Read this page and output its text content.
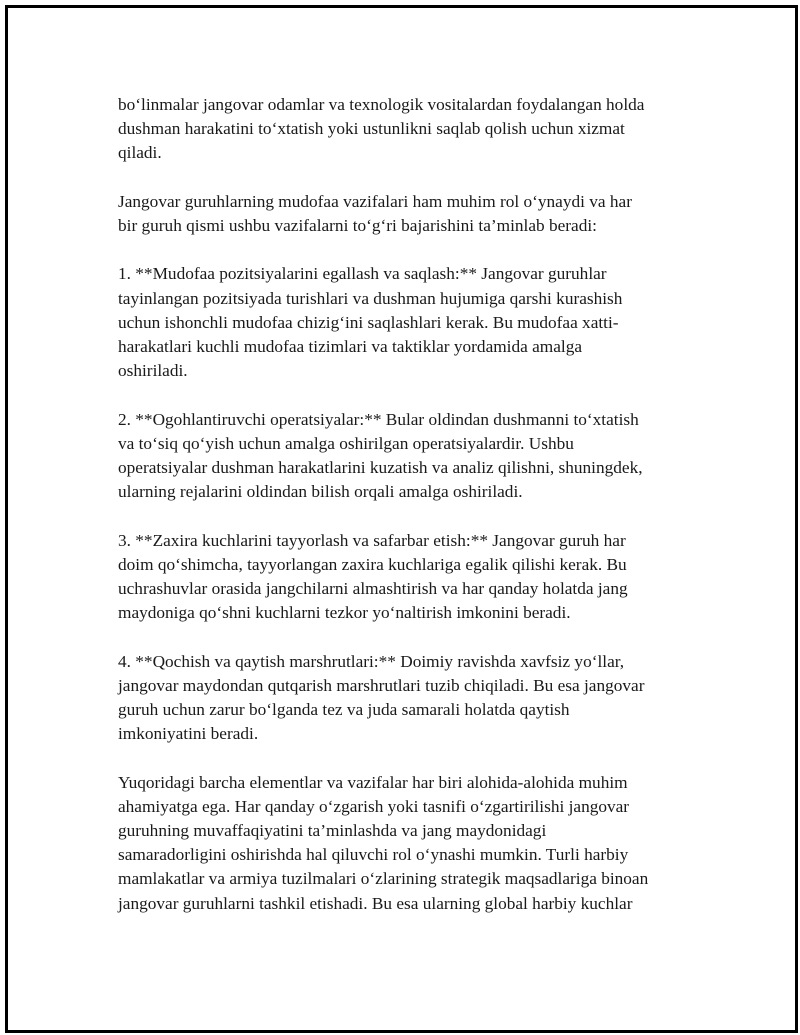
bo‘linmalar jangovar odamlar va texnologik vositalardan foydalangan holda
dushman harakatini to‘xtatish yoki ustunlikni saqlab qolish uchun xizmat
qiladi.

Jangovar guruhlarning mudofaa vazifalari ham muhim rol o‘ynaydi va har
bir guruh qismi ushbu vazifalarni to‘g‘ri bajarishini ta’minlab beradi:

1. **Mudofaa pozitsiyalarini egallash va saqlash:** Jangovar guruhlar
tayinlangan pozitsiyada turishlari va dushman hujumiga qarshi kurashish
uchun ishonchli mudofaa chizig‘ini saqlashlari kerak. Bu mudofaa xatti-
harakatlari kuchli mudofaa tizimlari va taktiklar yordamida amalga
oshiriladi.

2. **Ogohlantiruvchi operatsiyalar:** Bular oldindan dushmanni to‘xtatish
va to‘siq qo‘yish uchun amalga oshirilgan operatsiyalardir. Ushbu
operatsiyalar dushman harakatlarini kuzatish va analiz qilishni, shuningdek,
ularning rejalarini oldindan bilish orqali amalga oshiriladi.

3. **Zaxira kuchlarini tayyorlash va safarbar etish:** Jangovar guruh har
doim qo‘shimcha, tayyorlangan zaxira kuchlariga egalik qilishi kerak. Bu
uchrashuvlar orasida jangchilarni almashtirish va har qanday holatda jang
maydoniga qo‘shni kuchlarni tezkor yo‘naltirish imkonini beradi.

4. **Qochish va qaytish marshrutlari:** Doimiy ravishda xavfsiz yo‘llar,
jangovar maydondan qutqarish marshrutlari tuzib chiqiladi. Bu esa jangovar
guruh uchun zarur bo‘lganda tez va juda samarali holatda qaytish
imkoniyatini beradi.

Yuqoridagi barcha elementlar va vazifalar har biri alohida-alohida muhim
ahamiyatga ega. Har qanday o‘zgarish yoki tasnifi o‘zgartirilishi jangovar
guruhning muvaffaqiyatini ta’minlashda va jang maydonidagi
samaradorligini oshirishda hal qiluvchi rol o‘ynashi mumkin. Turli harbiy
mamlakatlar va armiya tuzilmalari o‘zlarining strategik maqsadlariga binoan
jangovar guruhlarni tashkil etishadi. Bu esa ularning global harbiy kuchlar
